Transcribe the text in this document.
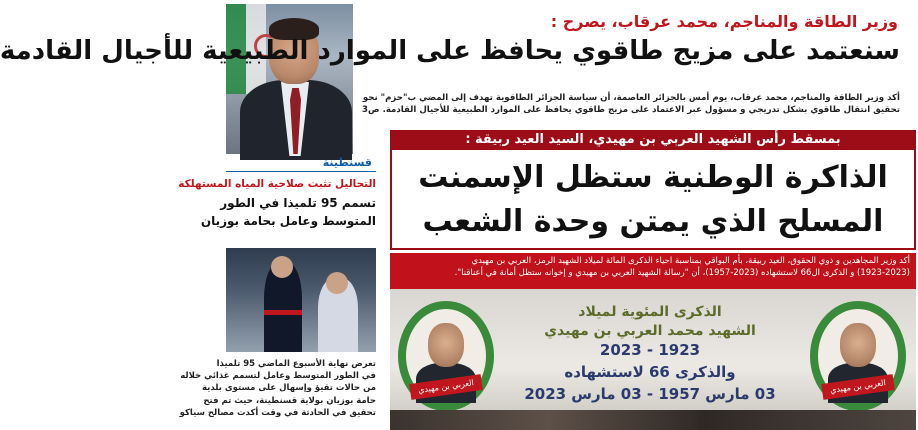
وزير الطاقة والمناجم، محمد عرقاب، يصرح :
سنعتمد على مزيج طاقوي يحافظ على الموارد الطبيعية للأجيال القادمة

أكد وزير الطاقة والمناجم، محمد عرقاب، يوم أمس بالجزائر العاصمة، أن سياسة الجزائر الطاقوية تهدف إلى المضي ب"حزم" نحو

تحقيق انتقال طاقوي بشكل تدريجي و مسؤول عبر الاعتماد على مزيج طاقوي يحافظ على الموارد الطبيعية للأجيال القادمة. ص3

بمسقط رأس الشهيد العربي بن مهيدي، السيد العيد ربيقة :
الذاكرة الوطنية ستظل الإسمنت
المسلح الذي يمتن وحدة الشعب

أكد وزير المجاهدين و ذوي الحقوق، العيد ربيقة، بأم البواقي بمناسبة احياء الذكرى المائة لميلاد الشهيد الرمز، العربي بن مهيدي

(1923-2023) و الذكرى ال66 لاستشهاده (2023-1957)، أن "رسالة الشهيد العربي بن مهيدي و إخوانه ستظل أمانة في أعناقنا".

العربي بن مهيدي
الذكرى المئوية لميلاد
الشهيد محمد العربي بن مهيدي
1923 - 2023
والذكرى 66 لاستشهاده
03 مارس 1957 - 03 مارس 2023	العربي بن مهيدي
قسنطينة
التحاليل تثبت صلاحية المياه المستهلكة
تسمم 95 تلميذا في الطور
المتوسط وعامل بحامة بوزيان

تعرض نهاية الأسبوع الماضي 95 تلميذا

في الطور المتوسط وعامل لتسمم غذائي خلاله

من حالات تقيؤ وإسهال على مستوى بلدية

حامة بوزيان بولاية قسنطينة، حيث تم فتح

تحقيق في الحادثة في وقت أكدت مصالح سياكو
